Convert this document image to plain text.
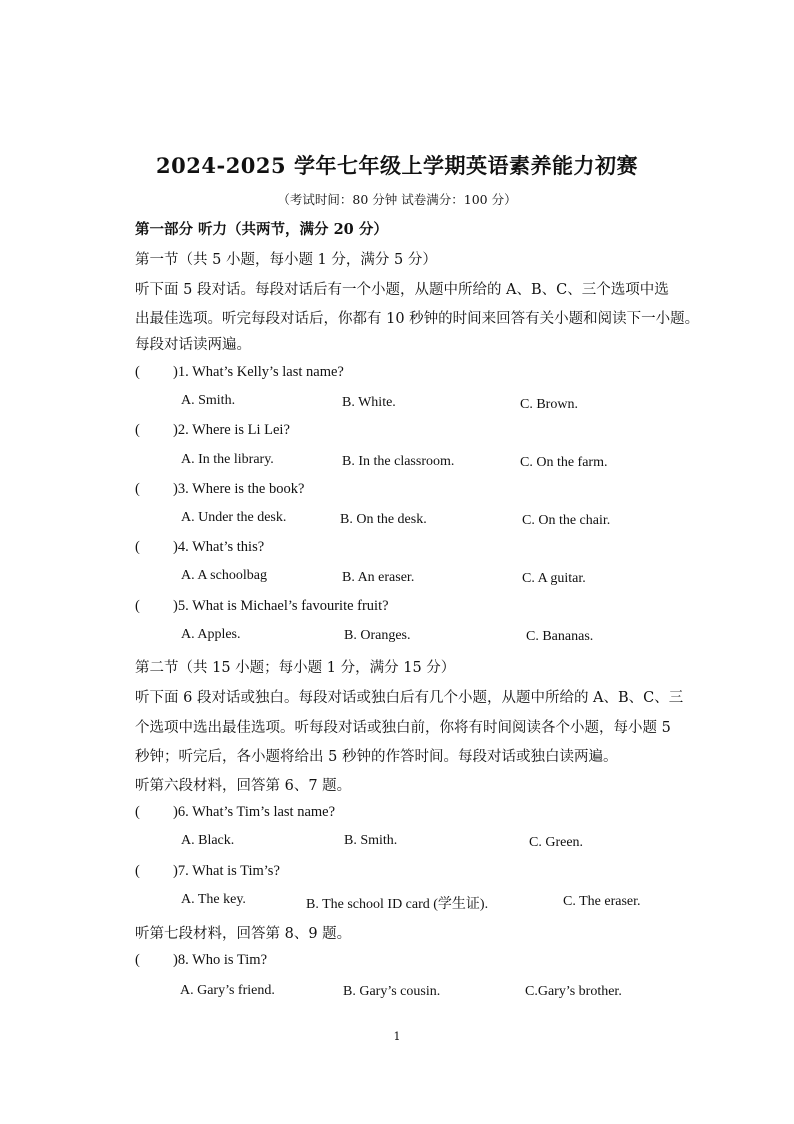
2024-2025 学年七年级上学期英语素养能力初赛
（考试时间：80 分钟 试卷满分：100 分）
第一部分 听力（共两节，满分 20 分）
第一节（共 5 小题，每小题 1 分，满分 5 分）
听下面 5 段对话。每段对话后有一个小题，从题中所给的 A、B、C、三个选项中选
出最佳选项。听完每段对话后，你都有 10 秒钟的时间来回答有关小题和阅读下一小题。
每段对话读两遍。
( )1. What’s Kelly’s last name?
A. Smith.	B. White.	C. Brown.
( )2. Where is Li Lei?
A. In the library.	B. In the classroom.	C. On the farm.
( )3. Where is the book?
A. Under the desk.	B. On the desk.	C. On the chair.
( )4. What’s this?
A. A schoolbag	B. An eraser.	C. A guitar.
( )5. What is Michael’s favourite fruit?
A. Apples.	B. Oranges.	C. Bananas.
第二节（共 15 小题；每小题 1 分，满分 15 分）
听下面 6 段对话或独白。每段对话或独白后有几个小题，从题中所给的 A、B、C、三
个选项中选出最佳选项。听每段对话或独白前，你将有时间阅读各个小题，每小题 5
秒钟；听完后，各小题将给出 5 秒钟的作答时间。每段对话或独白读两遍。
听第六段材料，回答第 6、7 题。
( )6. What’s Tim’s last name?
A. Black.	B. Smith.	C. Green.
( )7. What is Tim’s?
A. The key.	B. The school ID card (学生证).	C. The eraser.
听第七段材料，回答第 8、9 题。
( )8. Who is Tim?
A. Gary’s friend.	B. Gary’s cousin.	C.Gary’s brother.
1
